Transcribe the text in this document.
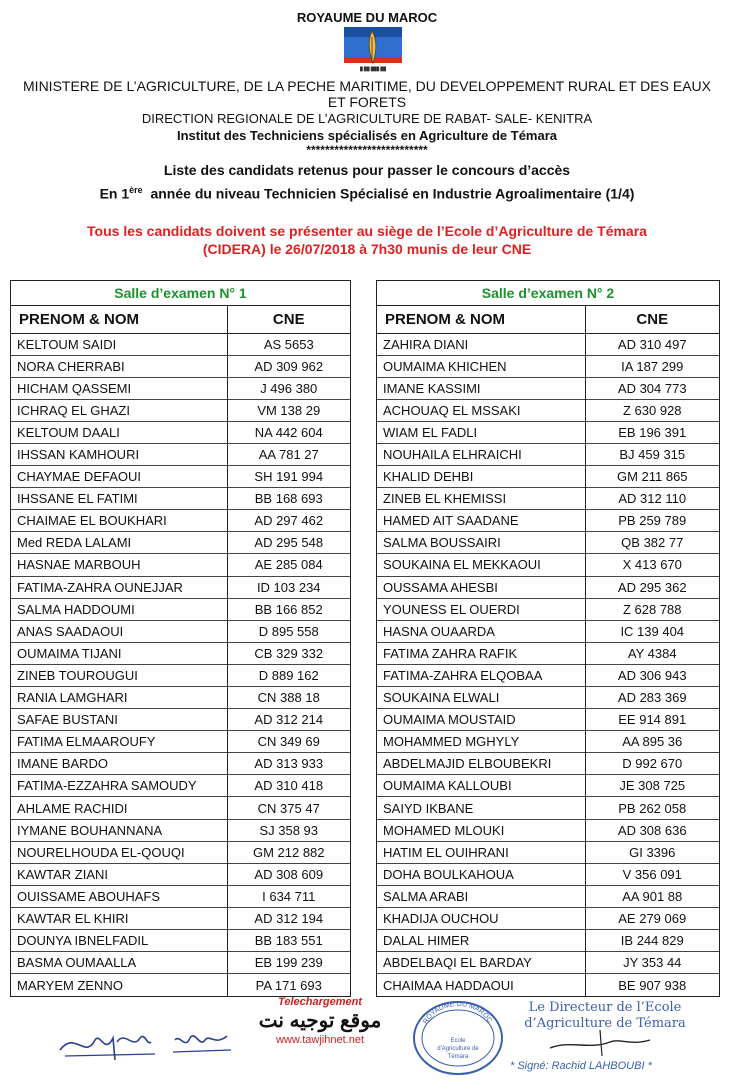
ROYAUME DU MAROC
█ ██ ███ ██
MINISTERE DE L’AGRICULTURE, DE LA PECHE MARITIME, DU DEVELOPPEMENT RURAL ET DES EAUX ET FORETS
DIRECTION REGIONALE DE L’AGRICULTURE DE RABAT- SALE- KENITRA
Institut des Techniciens spécialisés en Agriculture de Témara
**************************
Liste des candidats retenus pour passer le concours d’accès
En 1ère  année du niveau Technicien Spécialisé en Industrie Agroalimentaire (1/4)
Tous les candidats doivent se présenter au siège de l’Ecole d’Agriculture de Témara
(CIDERA) le 26/07/2018 à 7h30 munis de leur CNE
Salle d’examen N° 1
PRENOM & NOM	CNE
KELTOUM SAIDI	AS 5653
NORA CHERRABI	AD 309 962
HICHAM QASSEMI	J 496 380
ICHRAQ EL GHAZI	VM 138 29
KELTOUM DAALI	NA 442 604
IHSSAN KAMHOURI	AA 781 27
CHAYMAE DEFAOUI	SH 191 994
IHSSANE EL FATIMI	BB 168 693
CHAIMAE EL BOUKHARI	AD 297 462
Med REDA LALAMI	AD 295 548
HASNAE MARBOUH	AE 285 084
FATIMA-ZAHRA OUNEJJAR	ID 103 234
SALMA HADDOUMI	BB 166 852
ANAS SAADAOUI	D 895 558
OUMAIMA TIJANI	CB 329 332
ZINEB TOUROUGUI	D 889 162
RANIA LAMGHARI	CN 388 18
SAFAE BUSTANI	AD 312 214
FATIMA ELMAAROUFY	CN 349 69
IMANE BARDO	AD 313 933
FATIMA-EZZAHRA SAMOUDY	AD 310 418
AHLAME RACHIDI	CN 375 47
IYMANE BOUHANNANA	SJ 358 93
NOURELHOUDA EL-QOUQI	GM 212 882
KAWTAR ZIANI	AD 308 609
OUISSAME ABOUHAFS	I 634 711
KAWTAR EL KHIRI	AD 312 194
DOUNYA IBNELFADIL	BB 183 551
BASMA OUMAALLA	EB 199 239
MARYEM ZENNO	PA 171 693
Salle d’examen N° 2
PRENOM & NOM	CNE
ZAHIRA DIANI	AD 310 497
OUMAIMA KHICHEN	IA 187 299
IMANE KASSIMI	AD 304 773
ACHOUAQ EL MSSAKI	Z 630 928
WIAM EL FADLI	EB 196 391
NOUHAILA ELHRAICHI	BJ 459 315
KHALID DEHBI	GM 211 865
ZINEB EL KHEMISSI	AD 312 110
HAMED AIT SAADANE	PB 259 789
SALMA BOUSSAIRI	QB 382 77
SOUKAINA EL MEKKAOUI	X 413 670
OUSSAMA AHESBI	AD 295 362
YOUNESS EL OUERDI	Z 628 788
HASNA OUAARDA	IC 139 404
FATIMA ZAHRA RAFIK	AY 4384
FATIMA-ZAHRA ELQOBAA	AD 306 943
SOUKAINA ELWALI	AD 283 369
OUMAIMA MOUSTAID	EE 914 891
MOHAMMED MGHYLY	AA 895 36
ABDELMAJID ELBOUBEKRI	D 992 670
OUMAIMA KALLOUBI	JE 308 725
SAIYD IKBANE	PB 262 058
MOHAMED MLOUKI	AD 308 636
HATIM EL OUIHRANI	GI 3396
DOHA BOULKAHOUA	V 356 091
SALMA ARABI	AA 901 88
KHADIJA OUCHOU	AE 279 069
DALAL HIMER	IB 244 829
ABDELBAQI EL BARDAY	JY 353 44
CHAIMAA HADDAOUI	BE 907 938
Telechargement
موقع توجيه نت
www.tawjihnet.net
ROYAUME DU MAROC
Ecole
d'Agriculture de
Témara
Le Directeur de l’Ecole
d’Agriculture de Témara
* Signé: Rachid LAHBOUBI *
